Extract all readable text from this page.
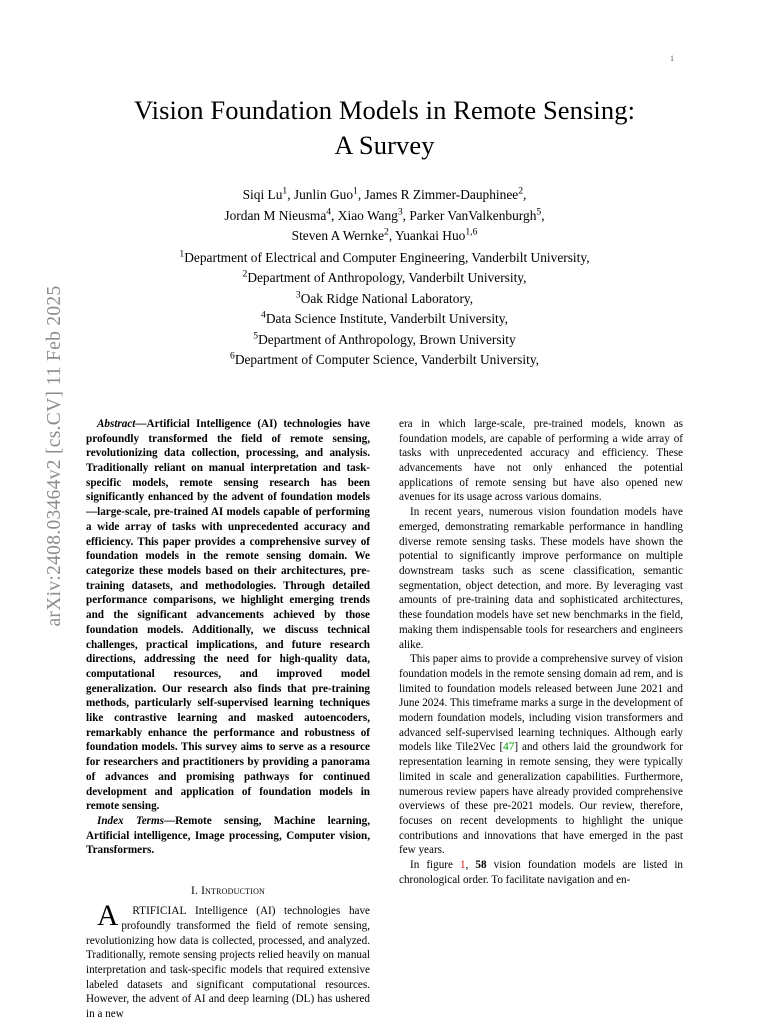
arXiv:2408.03464v2 [cs.CV] 11 Feb 2025
1
Vision Foundation Models in Remote Sensing:
A Survey
Siqi Lu$^1$, Junlin Guo$^1$, James R Zimmer-Dauphinee$^2$,
Jordan M Nieusma$^4$, Xiao Wang$^3$, Parker VanValkenburgh$^5$,
Steven A Wernke$^2$, Yuankai Huo$^{1,6}$
$^1$Department of Electrical and Computer Engineering, Vanderbilt University,
$^2$Department of Anthropology, Vanderbilt University,
$^3$Oak Ridge National Laboratory,
$^4$Data Science Institute, Vanderbilt University,
$^5$Department of Anthropology, Brown University
$^6$Department of Computer Science, Vanderbilt University,

Abstract—Artificial Intelligence (AI) technologies have profoundly transformed the field of remote sensing, revolutionizing data collection, processing, and analysis. Traditionally reliant on manual interpretation and task-specific models, remote sensing research has been significantly enhanced by the advent of foundation models—large-scale, pre-trained AI models capable of performing a wide array of tasks with unprecedented accuracy and efficiency. This paper provides a comprehensive survey of foundation models in the remote sensing domain. We categorize these models based on their architectures, pre-training datasets, and methodologies. Through detailed performance comparisons, we highlight emerging trends and the significant advancements achieved by those foundation models. Additionally, we discuss technical challenges, practical implications, and future research directions, addressing the need for high-quality data, computational resources, and improved model generalization. Our research also finds that pre-training methods, particularly self-supervised learning techniques like contrastive learning and masked autoencoders, remarkably enhance the performance and robustness of foundation models. This survey aims to serve as a resource for researchers and practitioners by providing a panorama of advances and promising pathways for continued development and application of foundation models in remote sensing.

Index Terms—Remote sensing, Machine learning, Artificial intelligence, Image processing, Computer vision, Transformers.

I. Introduction

A RTIFICIAL Intelligence (AI) technologies have profoundly transformed the field of remote sensing, revolutionizing how data is collected, processed, and analyzed. Traditionally, remote sensing projects relied heavily on manual interpretation and task-specific models that required extensive labeled datasets and significant computational resources. However, the advent of AI and deep learning (DL) has ushered in a new

era in which large-scale, pre-trained models, known as foundation models, are capable of performing a wide array of tasks with unprecedented accuracy and efficiency. These advancements have not only enhanced the potential applications of remote sensing but have also opened new avenues for its usage across various domains.

In recent years, numerous vision foundation models have emerged, demonstrating remarkable performance in handling diverse remote sensing tasks. These models have shown the potential to significantly improve performance on multiple downstream tasks such as scene classification, semantic segmentation, object detection, and more. By leveraging vast amounts of pre-training data and sophisticated architectures, these foundation models have set new benchmarks in the field, making them indispensable tools for researchers and engineers alike.

This paper aims to provide a comprehensive survey of vision foundation models in the remote sensing domain ad rem, and is limited to foundation models released between June 2021 and June 2024. This timeframe marks a surge in the development of modern foundation models, including vision transformers and advanced self-supervised learning techniques. Although early models like Tile2Vec [47] and others laid the groundwork for representation learning in remote sensing, they were typically limited in scale and generalization capabilities. Furthermore, numerous review papers have already provided comprehensive overviews of these pre-2021 models. Our review, therefore, focuses on recent developments to highlight the unique contributions and innovations that have emerged in the past few years.

In figure 1, 58 vision foundation models are listed in chronological order. To facilitate navigation and en-
